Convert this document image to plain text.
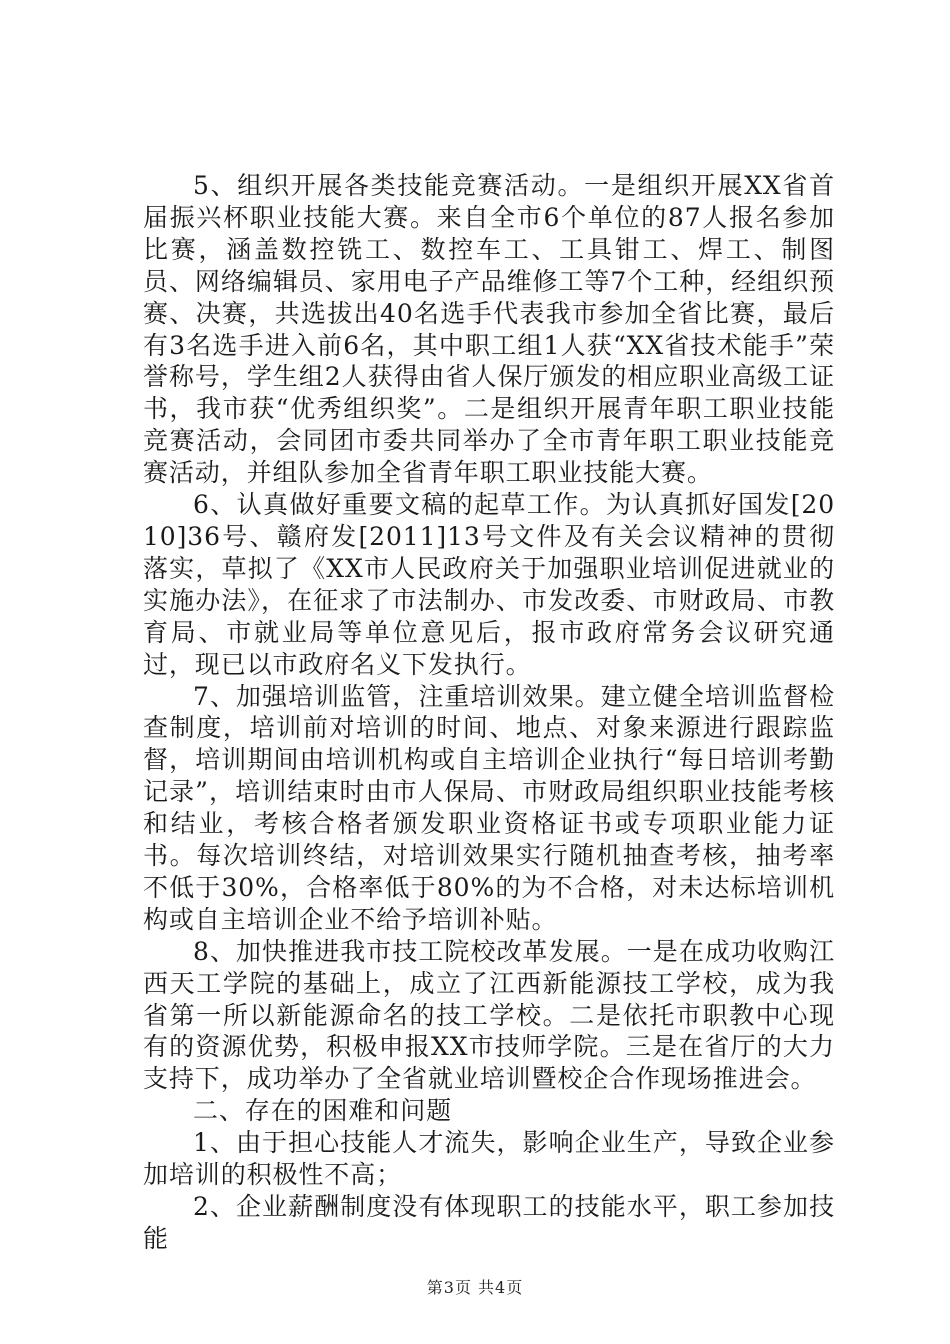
5、组织开展各类技能竞赛活动。一是组织开展XX省首届振兴杯职业技能大赛。来自全市6个单位的87人报名参加比赛，涵盖数控铣工、数控车工、工具钳工、焊工、制图员、网络编辑员、家用电子产品维修工等7个工种，经组织预赛、决赛，共选拔出40名选手代表我市参加全省比赛，最后有3名选手进入前6名，其中职工组1人获“XX省技术能手”荣誉称号，学生组2人获得由省人保厅颁发的相应职业高级工证书，我市获“优秀组织奖”。二是组织开展青年职工职业技能竞赛活动，会同团市委共同举办了全市青年职工职业技能竞赛活动，并组队参加全省青年职工职业技能大赛。

6、认真做好重要文稿的起草工作。为认真抓好国发[2010]36号、赣府发[2011]13号文件及有关会议精神的贯彻落实，草拟了《XX市人民政府关于加强职业培训促进就业的实施办法》，在征求了市法制办、市发改委、市财政局、市教育局、市就业局等单位意见后，报市政府常务会议研究通过，现已以市政府名义下发执行。

7、加强培训监管，注重培训效果。建立健全培训监督检查制度，培训前对培训的时间、地点、对象来源进行跟踪监督，培训期间由培训机构或自主培训企业执行“每日培训考勤记录”，培训结束时由市人保局、市财政局组织职业技能考核和结业，考核合格者颁发职业资格证书或专项职业能力证书。每次培训终结，对培训效果实行随机抽查考核，抽考率不低于30%，合格率低于80%的为不合格，对未达标培训机构或自主培训企业不给予培训补贴。

8、加快推进我市技工院校改革发展。一是在成功收购江西天工学院的基础上，成立了江西新能源技工学校，成为我省第一所以新能源命名的技工学校。二是依托市职教中心现有的资源优势，积极申报XX市技师学院。三是在省厅的大力支持下，成功举办了全省就业培训暨校企合作现场推进会。

二、存在的困难和问题

1、由于担心技能人才流失，影响企业生产，导致企业参加培训的积极性不高；

2、企业薪酬制度没有体现职工的技能水平，职工参加技能

第3页 共4页
